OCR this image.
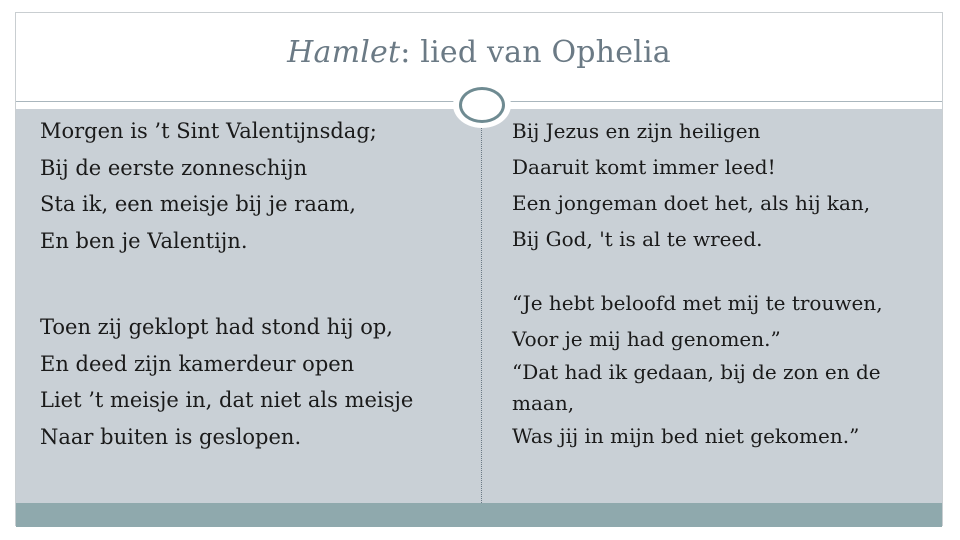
Hamlet: lied van Ophelia
Morgen is ’t Sint Valentijnsdag;
Bij de eerste zonneschijn
Sta ik, een meisje bij je raam,
En ben je Valentijn.
Toen zij geklopt had stond hij op,
En deed zijn kamerdeur open
Liet ’t meisje in, dat niet als meisje
Naar buiten is geslopen.
Bij Jezus en zijn heiligen
Daaruit komt immer leed!
Een jongeman doet het, als hij kan,
Bij God, 't is al te wreed.
“Je hebt beloofd met mij te trouwen,
Voor je mij had genomen.”
“Dat had ik gedaan, bij de zon en de
maan,
Was jij in mijn bed niet gekomen.”
